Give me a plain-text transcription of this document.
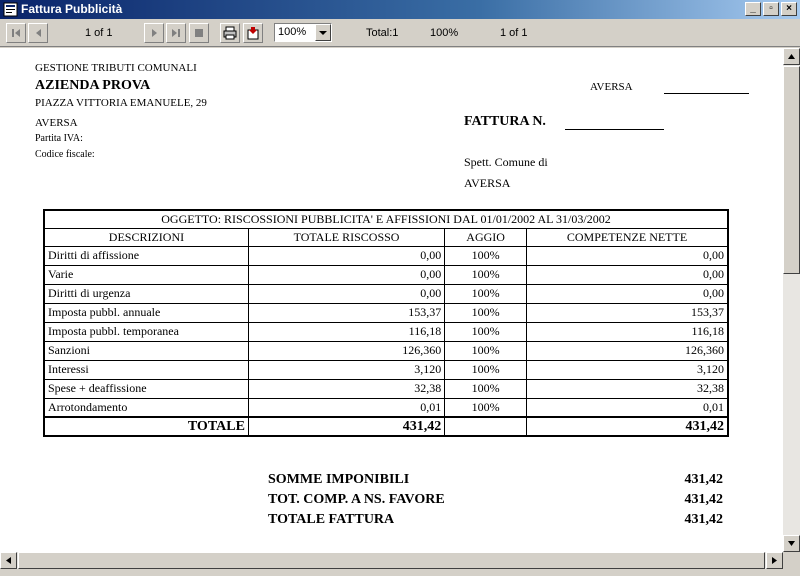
Fattura Pubblicità	_	▫	×
1 of 1	100%	Total:1	100%	1 of 1
GESTIONE TRIBUTI COMUNALI
AZIENDA PROVA
PIAZZA VITTORIA EMANUELE, 29
AVERSA
Partita IVA:
Codice fiscale:
AVERSA
FATTURA N.
Spett. Comune di
AVERSA
OGGETTO: RISCOSSIONI PUBBLICITA' E AFFISSIONI DAL 01/01/2002 AL 31/03/2002			
DESCRIZIONI	TOTALE RISCOSSO	AGGIO	COMPETENZE NETTE
Diritti di affissione	0,00	100%	0,00
Varie	0,00	100%	0,00
Diritti di urgenza	0,00	100%	0,00
Imposta pubbl. annuale	153,37	100%	153,37
Imposta pubbl. temporanea	116,18	100%	116,18
Sanzioni	126,360	100%	126,360
Interessi	3,120	100%	3,120
Spese + deaffissione	32,38	100%	32,38
Arrotondamento	0,01	100%	0,01
TOTALE	431,42		431,42
SOMME IMPONIBILI	431,42
TOT. COMP. A NS. FAVORE	431,42
TOTALE FATTURA	431,42
